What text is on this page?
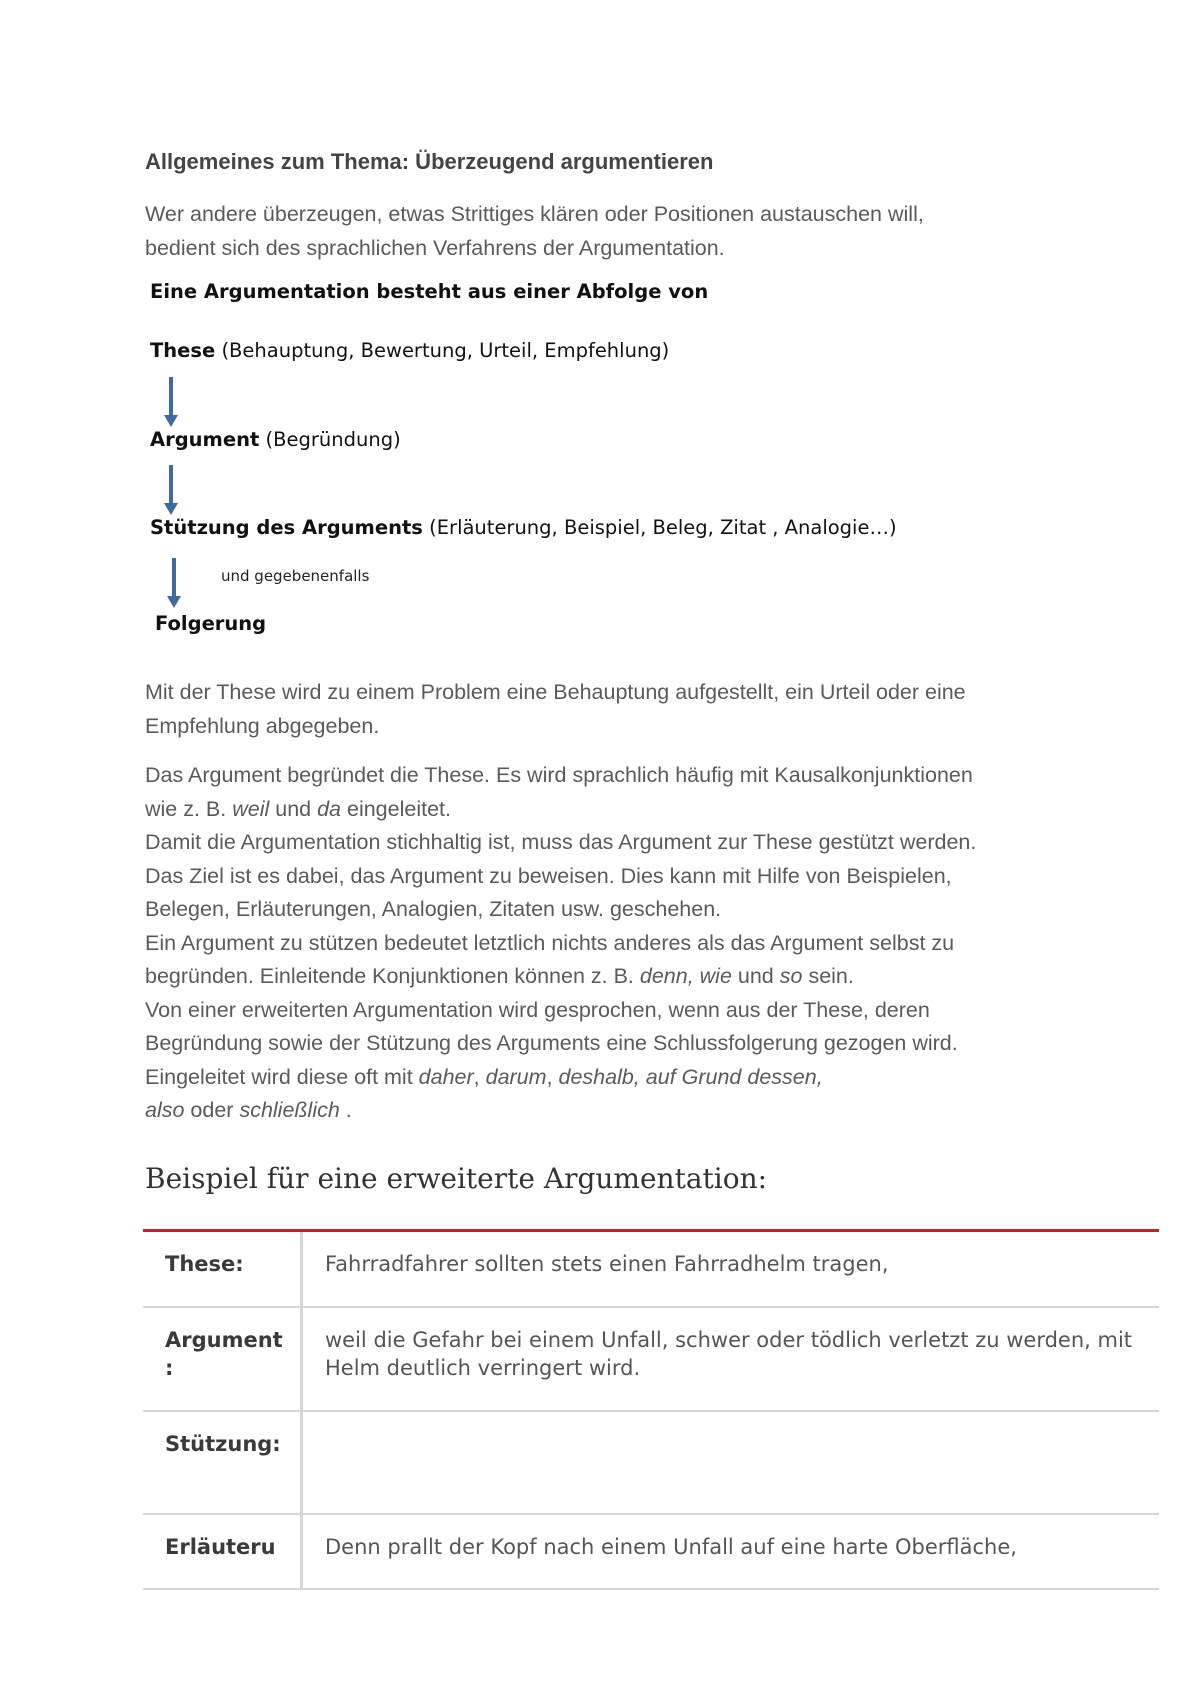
Allgemeines zum Thema: Überzeugend argumentieren
Wer andere überzeugen, etwas Strittiges klären oder Positionen austauschen will,
bedient sich des sprachlichen Verfahrens der Argumentation.
Eine Argumentation besteht aus einer Abfolge von
These (Behauptung, Bewertung, Urteil, Empfehlung)
Argument (Begründung)
Stützung des Arguments (Erläuterung, Beispiel, Beleg, Zitat , Analogie…)
und gegebenenfalls
Folgerung
Mit der These wird zu einem Problem eine Behauptung aufgestellt, ein Urteil oder eine
Empfehlung abgegeben.
Das Argument begründet die These. Es wird sprachlich häufig mit Kausalkonjunktionen
wie z. B. weil und da eingeleitet.
Damit die Argumentation stichhaltig ist, muss das Argument zur These gestützt werden.
Das Ziel ist es dabei, das Argument zu beweisen. Dies kann mit Hilfe von Beispielen,
Belegen, Erläuterungen, Analogien, Zitaten usw. geschehen.
Ein Argument zu stützen bedeutet letztlich nichts anderes als das Argument selbst zu
begründen. Einleitende Konjunktionen können z. B. denn, wie und so sein.
Von einer erweiterten Argumentation wird gesprochen, wenn aus der These, deren
Begründung sowie der Stützung des Arguments eine Schlussfolgerung gezogen wird.
Eingeleitet wird diese oft mit daher, darum, deshalb, auf Grund dessen,
also oder schließlich .
Beispiel für eine erweiterte Argumentation:
These:	Fahrradfahrer sollten stets einen Fahrradhelm tragen,
Argument
:
weil die Gefahr bei einem Unfall, schwer oder tödlich verletzt zu werden, mit Helm deutlich verringert wird.
Stützung:
Erläuteru	Denn prallt der Kopf nach einem Unfall auf eine harte Oberfläche,
